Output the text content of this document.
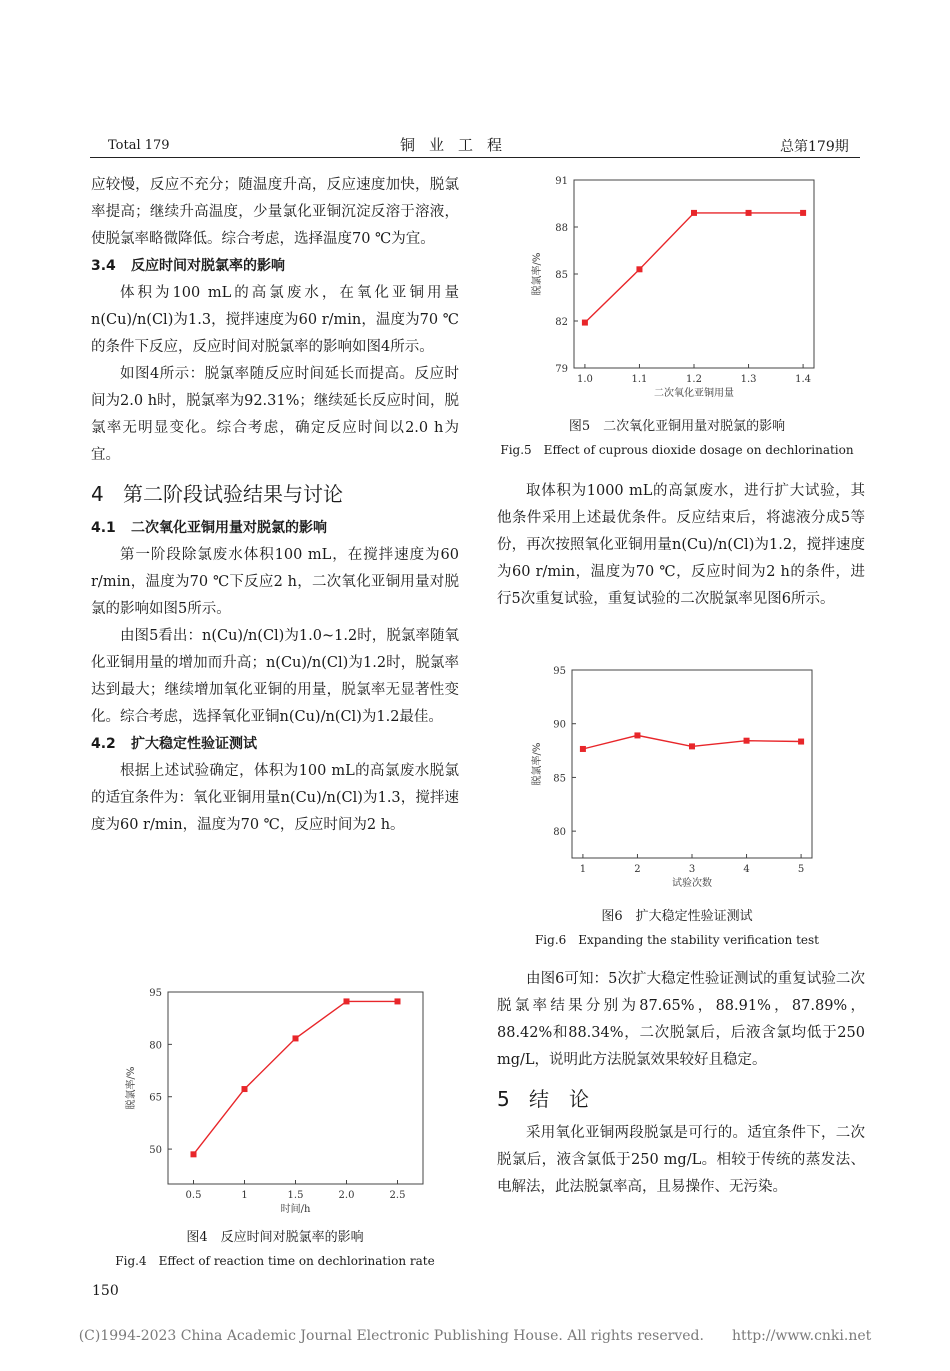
Total 179	铜业工程	总第179期

应较慢，反应不充分；随温度升高，反应速度加快，脱氯率提高；继续升高温度，少量氯化亚铜沉淀反溶于溶液，使脱氯率略微降低。综合考虑，选择温度70 ℃为宜。

3.4 反应时间对脱氯率的影响

体积为100 mL的高氯废水，在氧化亚铜用量n(Cu)/n(Cl)为1.3，搅拌速度为60 r/min，温度为70 ℃的条件下反应，反应时间对脱氯率的影响如图4所示。

如图4所示：脱氯率随反应时间延长而提高。反应时间为2.0 h时，脱氯率为92.31%；继续延长反应时间，脱氯率无明显变化。综合考虑，确定反应时间以2.0 h为宜。

4 第二阶段试验结果与讨论

4.1 二次氧化亚铜用量对脱氯的影响

第一阶段除氯废水体积100 mL，在搅拌速度为60 r/min，温度为70 ℃下反应2 h，二次氧化亚铜用量对脱氯的影响如图5所示。

由图5看出：n(Cu)/n(Cl)为1.0~1.2时，脱氯率随氧化亚铜用量的增加而升高；n(Cu)/n(Cl)为1.2时，脱氯率达到最大；继续增加氧化亚铜的用量，脱氯率无显著性变化。综合考虑，选择氧化亚铜n(Cu)/n(Cl)为1.2最佳。

4.2 扩大稳定性验证测试

根据上述试验确定，体积为100 mL的高氯废水脱氯的适宜条件为：氧化亚铜用量n(Cu)/n(Cl)为1.3，搅拌速度为60 r/min，温度为70 ℃，反应时间为2 h。

50
65
80
95
0.5	1	1.5	2.0	2.5
时间/h
脱氯率/%
图4　反应时间对脱氯率的影响
Fig.4　Effect of reaction time on dechlorination rate
79
82
85
88
91
1.0	1.1	1.2	1.3	1.4
二次氧化亚铜用量
脱氯率/%
图5　二次氧化亚铜用量对脱氯的影响
Fig.5　Effect of cuprous dioxide dosage on dechlorination

取体积为1000 mL的高氯废水，进行扩大试验，其他条件采用上述最优条件。反应结束后，将滤液分成5等份，再次按照氧化亚铜用量n(Cu)/n(Cl)为1.2，搅拌速度为60 r/min，温度为70 ℃，反应时间为2 h的条件，进行5次重复试验，重复试验的二次脱氯率见图6所示。

80
85
90
95
1	2	3	4	5
试验次数
脱氯率/%
图6　扩大稳定性验证测试
Fig.6　Expanding the stability verification test

由图6可知：5次扩大稳定性验证测试的重复试验二次脱氯率结果分别为87.65%，88.91%，87.89%，88.42%和88.34%，二次脱氯后，后液含氯均低于250 mg/L，说明此方法脱氯效果较好且稳定。

5 结　论

采用氧化亚铜两段脱氯是可行的。适宜条件下，二次脱氯后，液含氯低于250 mg/L。相较于传统的蒸发法、电解法，此法脱氯率高，且易操作、无污染。

150
(C)1994-2023 China Academic Journal Electronic Publishing House. All rights reserved.　　http://www.cnki.net
